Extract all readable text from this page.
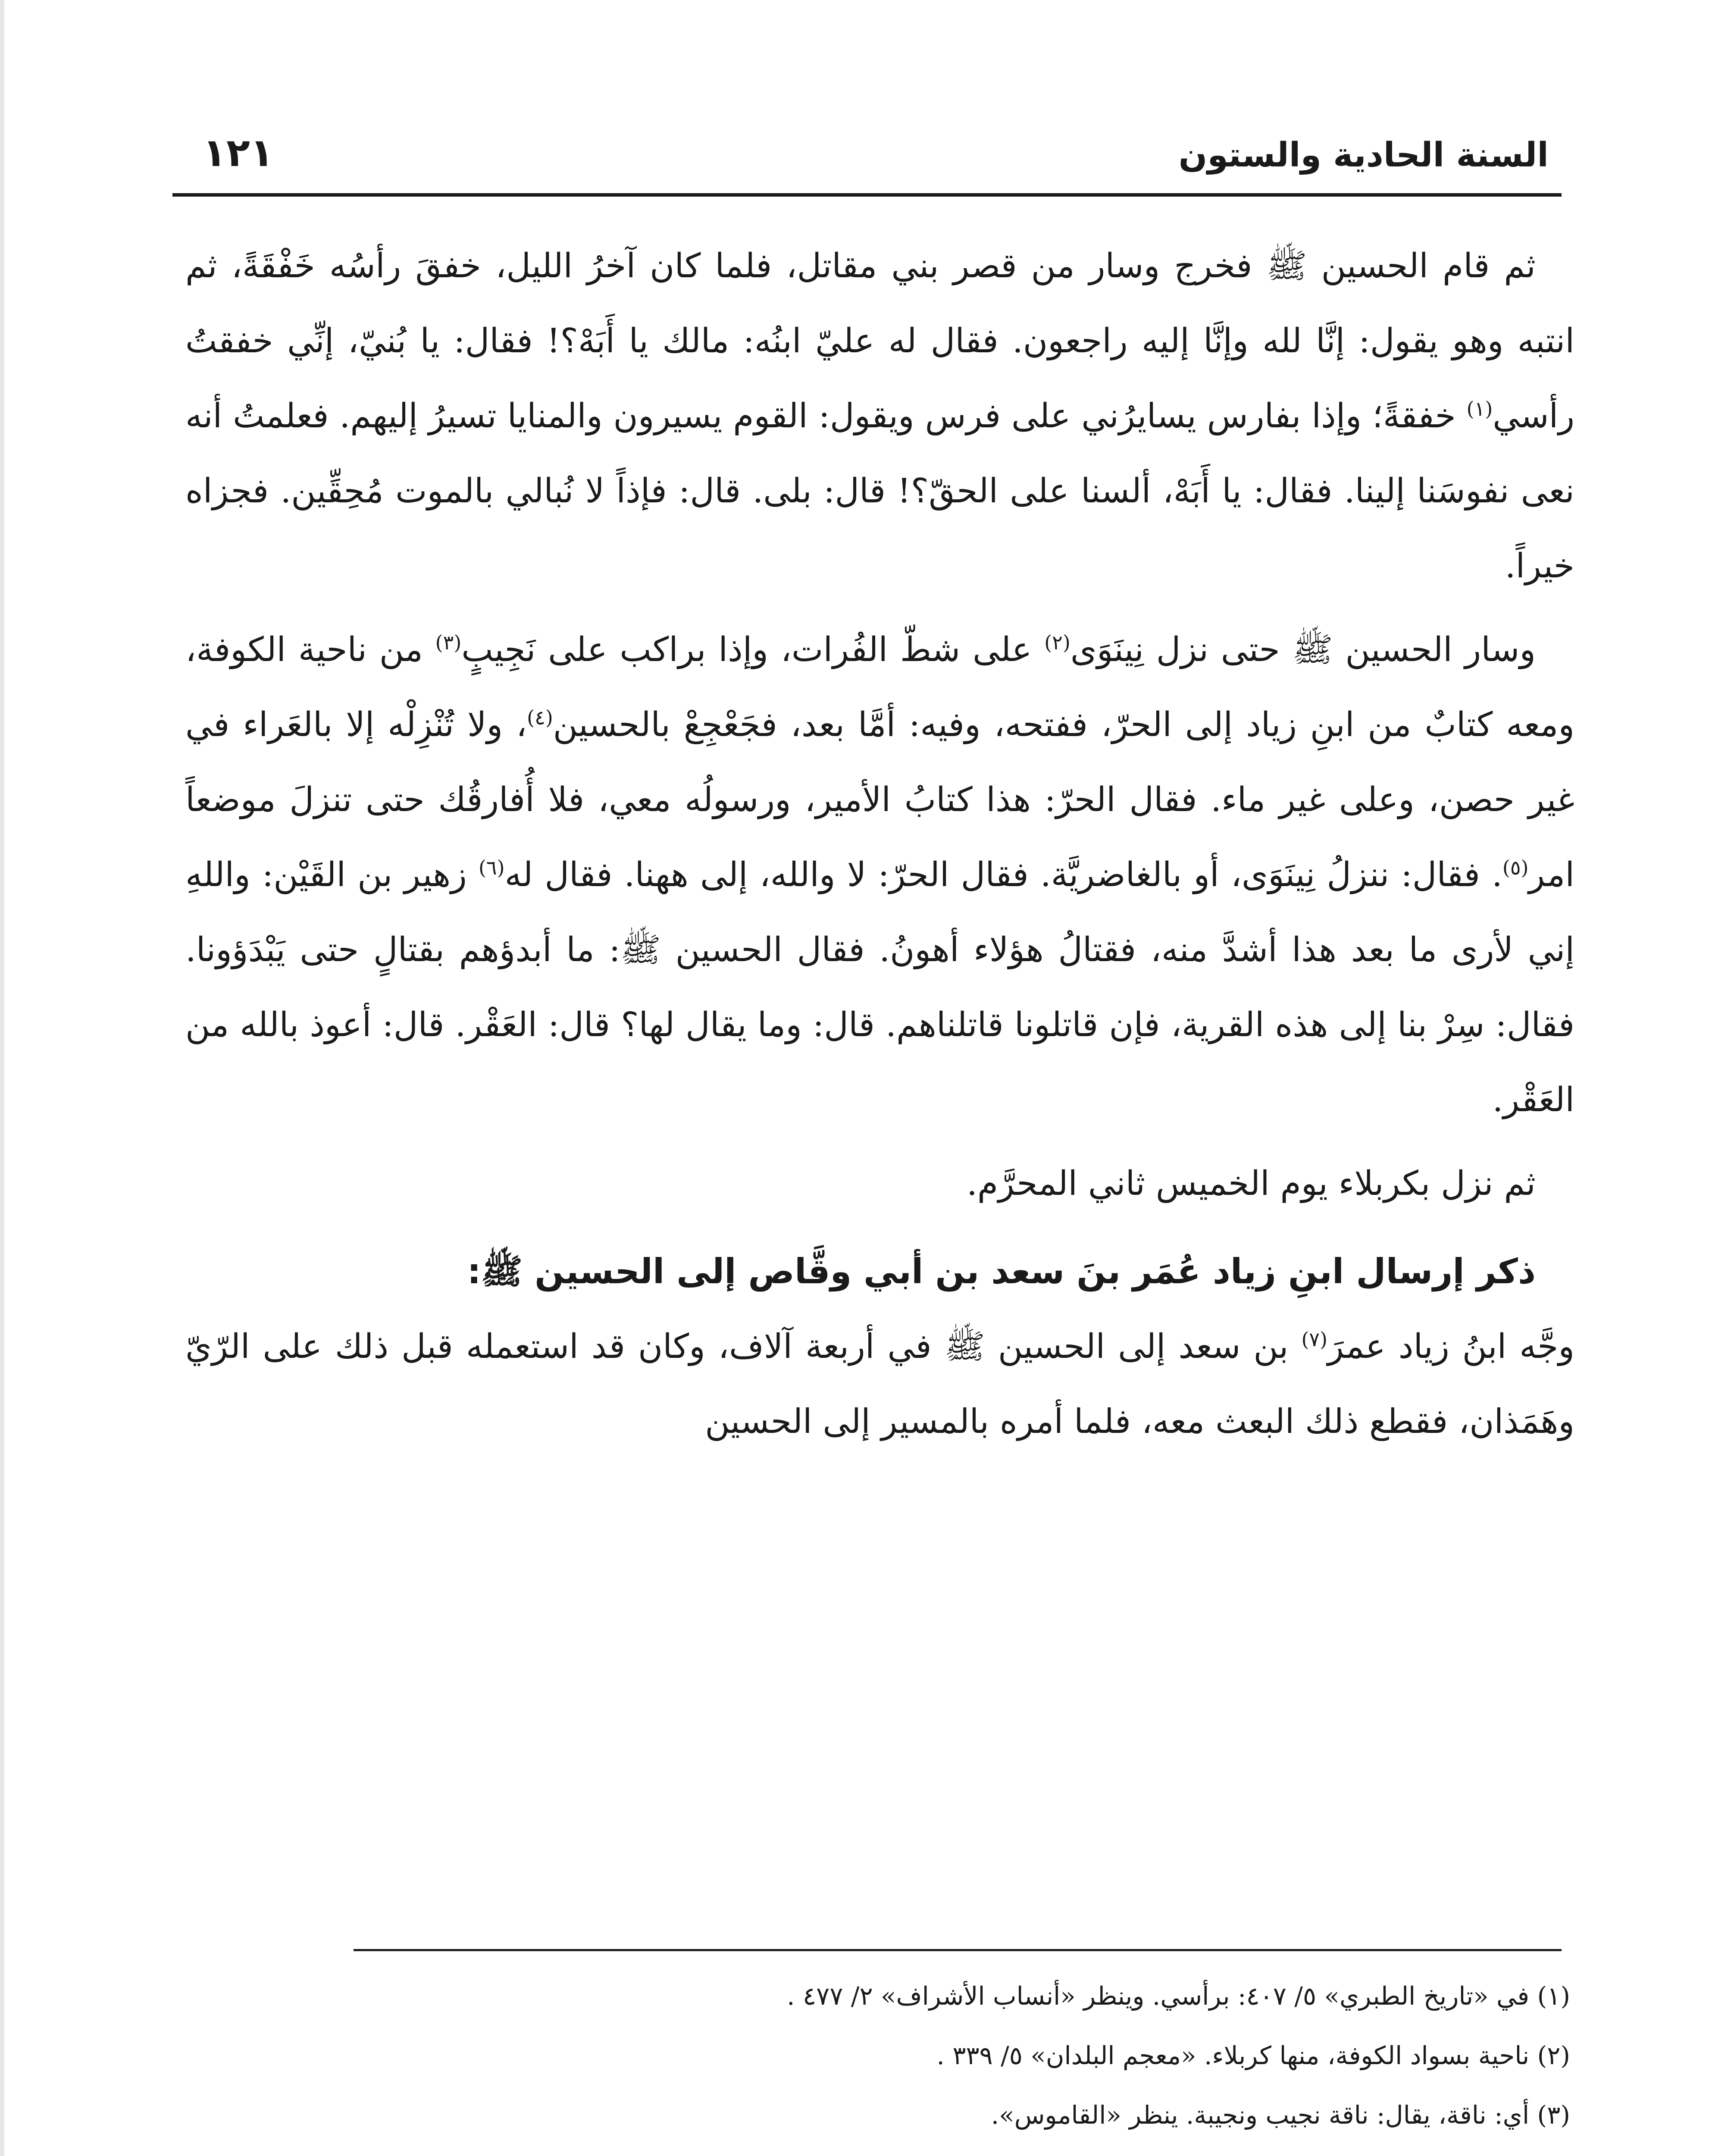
السنة الحادية والستون
١٢١

ثم قام الحسين ﷺ فخرج وسار من قصر بني مقاتل، فلما كان آخرُ الليل، خفقَ رأسُه خَفْقَةً، ثم انتبه وهو يقول: إنَّا لله وإنَّا إليه راجعون. فقال له عليّ ابنُه: مالك يا أَبَهْ؟! فقال: يا بُنيّ، إنِّي خفقتُ رأسي$^{(١)}$ خفقةً؛ وإذا بفارس يسايرُني على فرس ويقول: القوم يسيرون والمنايا تسيرُ إليهم. فعلمتُ أنه نعى نفوسَنا إلينا. فقال: يا أَبَهْ، ألسنا على الحقّ؟! قال: بلى. قال: فإذاً لا نُبالي بالموت مُحِقِّين. فجزاه خيراً.

وسار الحسين ﷺ حتى نزل نِينَوَى$^{(٢)}$ على شطّ الفُرات، وإذا براكب على نَجِيبٍ$^{(٣)}$ من ناحية الكوفة، ومعه كتابٌ من ابنِ زياد إلى الحرّ، ففتحه، وفيه: أمَّا بعد، فجَعْجِعْ بالحسين$^{(٤)}$، ولا تُنْزِلْه إلا بالعَراء في غير حصن، وعلى غير ماء. فقال الحرّ: هذا كتابُ الأمير، ورسولُه معي، فلا أُفارقُك حتى تنزلَ موضعاً امر$^{(٥)}$. فقال: ننزلُ نِينَوَى، أو بالغاضريَّة. فقال الحرّ: لا والله، إلى ههنا. فقال له$^{(٦)}$ زهير بن القَيْن: واللهِ إني لأرى ما بعد هذا أشدَّ منه، فقتالُ هؤلاء أهونُ. فقال الحسين ﷺ: ما أبدؤهم بقتالٍ حتى يَبْدَؤونا. فقال: سِرْ بنا إلى هذه القرية، فإن قاتلونا قاتلناهم. قال: وما يقال لها؟ قال: العَقْر. قال: أعوذ بالله من العَقْر.

ثم نزل بكربلاء يوم الخميس ثاني المحرَّم.

ذكر إرسال ابنِ زياد عُمَر بنَ سعد بن أبي وقَّاص إلى الحسين ﷺ:

وجَّه ابنُ زياد عمرَ$^{(٧)}$ بن سعد إلى الحسين ﷺ في أربعة آلاف، وكان قد استعمله قبل ذلك على الرّيّ وهَمَذان، فقطع ذلك البعث معه، فلما أمره بالمسير إلى الحسين

(١) في «تاريخ الطبري» ٥/ ٤٠٧: برأسي. وينظر «أنساب الأشراف» ٢/ ٤٧٧ .

(٢) ناحية بسواد الكوفة، منها كربلاء. «معجم البلدان» ٥/ ٣٣٩ .

(٣) أي: ناقة، يقال: ناقة نجيب ونجيبة. ينظر «القاموس».
